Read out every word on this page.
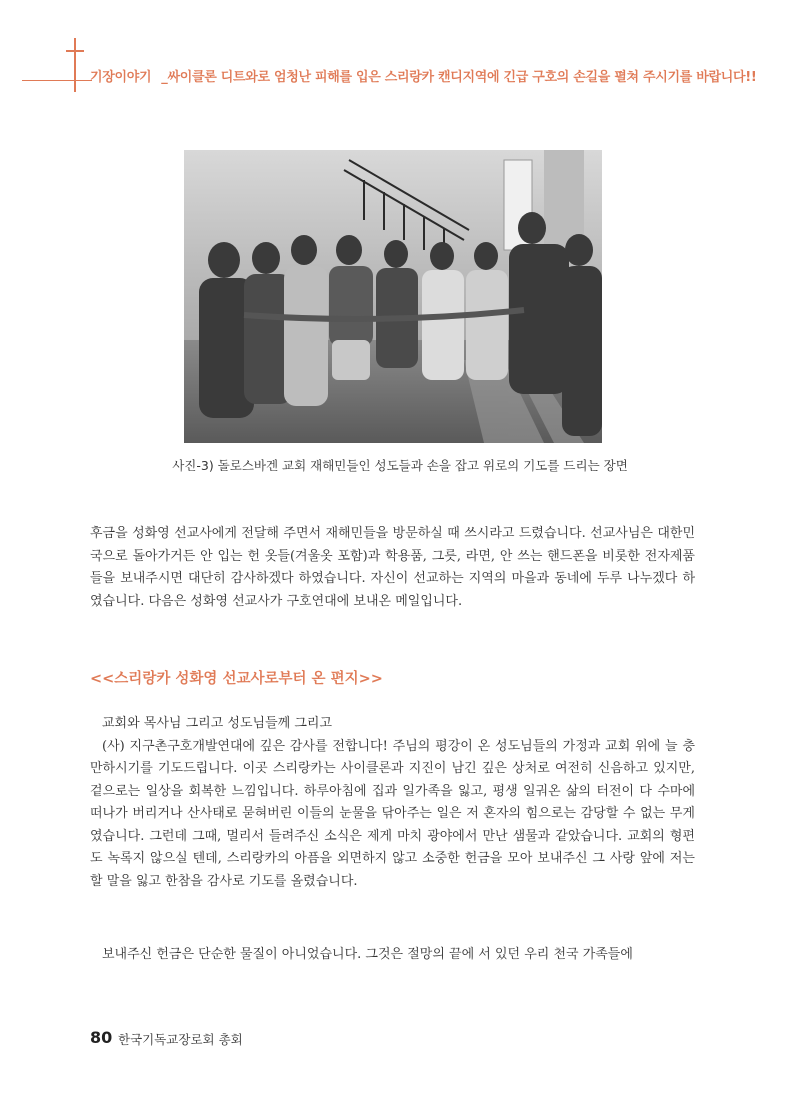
기장이야기 _싸이클론 디트와로 엄청난 피해를 입은 스리랑카 캔디지역에 긴급 구호의 손길을 펼쳐 주시기를 바랍니다!!
사진-3) 돌로스바겐 교회 재해민들인 성도들과 손을 잡고 위로의 기도를 드리는 장면

후금을 성화영 선교사에게 전달해 주면서 재해민들을 방문하실 때 쓰시라고 드렸습니다. 선교사님은 대한민국으로 돌아가거든 안 입는 헌 옷들(겨울옷 포함)과 학용품, 그릇, 라면, 안 쓰는 핸드폰을 비롯한 전자제품들을 보내주시면 대단히 감사하겠다 하였습니다. 자신이 선교하는 지역의 마을과 동네에 두루 나누겠다 하였습니다. 다음은 성화영 선교사가 구호연대에 보내온 메일입니다.

<<스리랑카 성화영 선교사로부터 온 편지>>
교회와 목사님 그리고 성도님들께 그리고
(사) 지구촌구호개발연대에 깊은 감사를 전합니다! 주님의 평강이 온 성도님들의 가정과 교회 위에 늘 충만하시기를 기도드립니다. 이곳 스리랑카는 사이클론과 지진이 남긴 깊은 상처로 여전히 신음하고 있지만, 겉으로는 일상을 회복한 느낌입니다. 하루아침에 집과 일가족을 잃고, 평생 일궈온 삶의 터전이 다 수마에 떠나가 버리거나 산사태로 묻혀버린 이들의 눈물을 닦아주는 일은 저 혼자의 힘으로는 감당할 수 없는 무게였습니다. 그런데 그때, 멀리서 들려주신 소식은 제게 마치 광야에서 만난 샘물과 같았습니다. 교회의 형편도 녹록지 않으실 텐데, 스리랑카의 아픔을 외면하지 않고 소중한 헌금을 모아 보내주신 그 사랑 앞에 저는 할 말을 잃고 한참을 감사로 기도를 올렸습니다.

보내주신 헌금은 단순한 물질이 아니었습니다. 그것은 절망의 끝에 서 있던 우리 천국 가족들에

80 한국기독교장로회 총회
